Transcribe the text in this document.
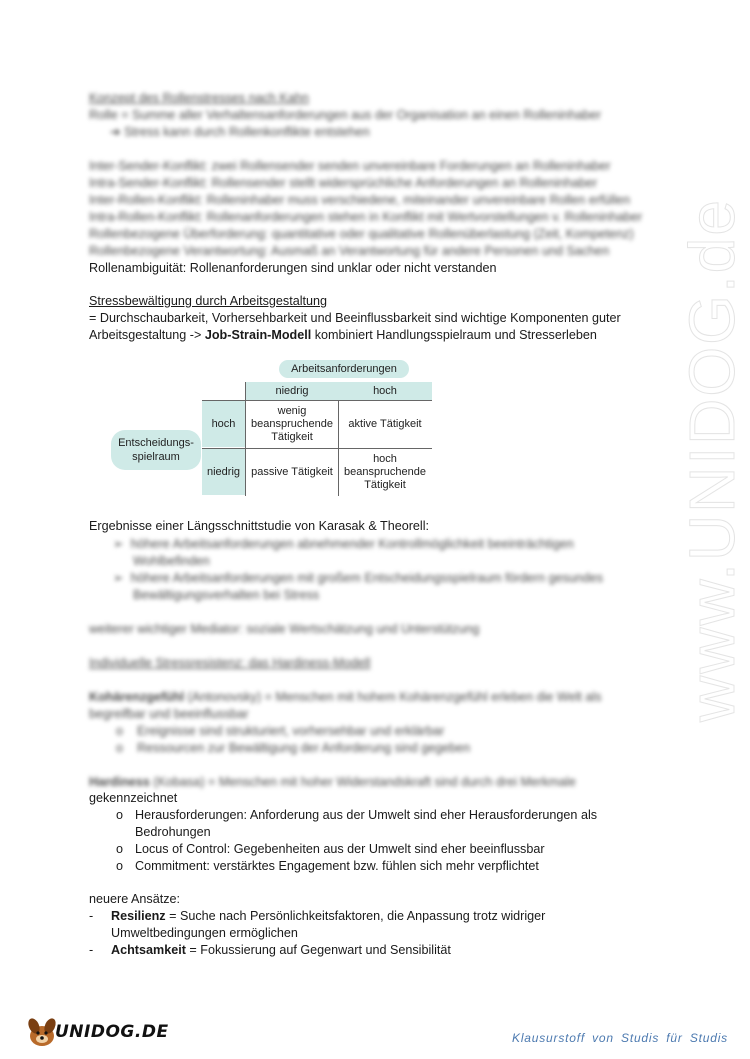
www.UNIDOG.de
Konzept des Rollenstresses nach Kahn
Rolle = Summe aller Verhaltensanforderungen aus der Organisation an einen Rolleninhaber
➔ Stress kann durch Rollenkonflikte entstehen
Inter-Sender-Konflikt: zwei Rollensender senden unvereinbare Forderungen an Rolleninhaber
Intra-Sender-Konflikt: Rollensender stellt widersprüchliche Anforderungen an Rolleninhaber
Inter-Rollen-Konflikt: Rolleninhaber muss verschiedene, miteinander unvereinbare Rollen erfüllen
Intra-Rollen-Konflikt: Rollenanforderungen stehen in Konflikt mit Wertvorstellungen v. Rolleninhaber
Rollenbezogene Überforderung: quantitative oder qualitative Rollenüberlastung (Zeit, Kompetenz)
Rollenbezogene Verantwortung: Ausmaß an Verantwortung für andere Personen und Sachen
Rollenambiguität: Rollenanforderungen sind unklar oder nicht verstanden
Stressbewältigung durch Arbeitsgestaltung
= Durchschaubarkeit, Vorhersehbarkeit und Beeinflussbarkeit sind wichtige Komponenten guter
Arbeitsgestaltung -> Job-Strain-Modell kombiniert Handlungsspielraum und Stresserleben
Arbeitsanforderungen
niedrig	hoch
Entscheidungs-
spielraum
hoch
niedrig
wenig
beanspruchende
Tätigkeit
aktive Tätigkeit
passive Tätigkeit
hoch
beanspruchende
Tätigkeit
Ergebnisse einer Längsschnittstudie von Karasak & Theorell:
➢  höhere Arbeitsanforderungen abnehmender Kontrollmöglichkeit beeinträchtigen
Wohlbefinden
➢  höhere Arbeitsanforderungen mit großem Entscheidungsspielraum fördern gesundes
Bewältigungsverhalten bei Stress
weiterer wichtiger Mediator: soziale Wertschätzung und Unterstützung
Individuelle Stressresistenz: das Hardiness-Modell
Kohärenzgefühl (Antonovsky) = Menschen mit hohem Kohärenzgefühl erleben die Welt als
begreifbar und beeinflussbar
o    Ereignisse sind strukturiert, vorhersehbar und erklärbar
o    Ressourcen zur Bewältigung der Anforderung sind gegeben
Hardiness (Kobasa) = Menschen mit hoher Widerstandskraft sind durch drei Merkmale
gekennzeichnet
o Herausforderungen: Anforderung aus der Umwelt sind eher Herausforderungen als
Bedrohungen
o Locus of Control: Gegebenheiten aus der Umwelt sind eher beeinflussbar
o Commitment: verstärktes Engagement bzw. fühlen sich mehr verpflichtet
neuere Ansätze:
- Resilienz = Suche nach Persönlichkeitsfaktoren, die Anpassung trotz widriger
Umweltbedingungen ermöglichen
- Achtsamkeit = Fokussierung auf Gegenwart und Sensibilität
UNIDOG.DE	Klausurstoff von Studis für Studis
